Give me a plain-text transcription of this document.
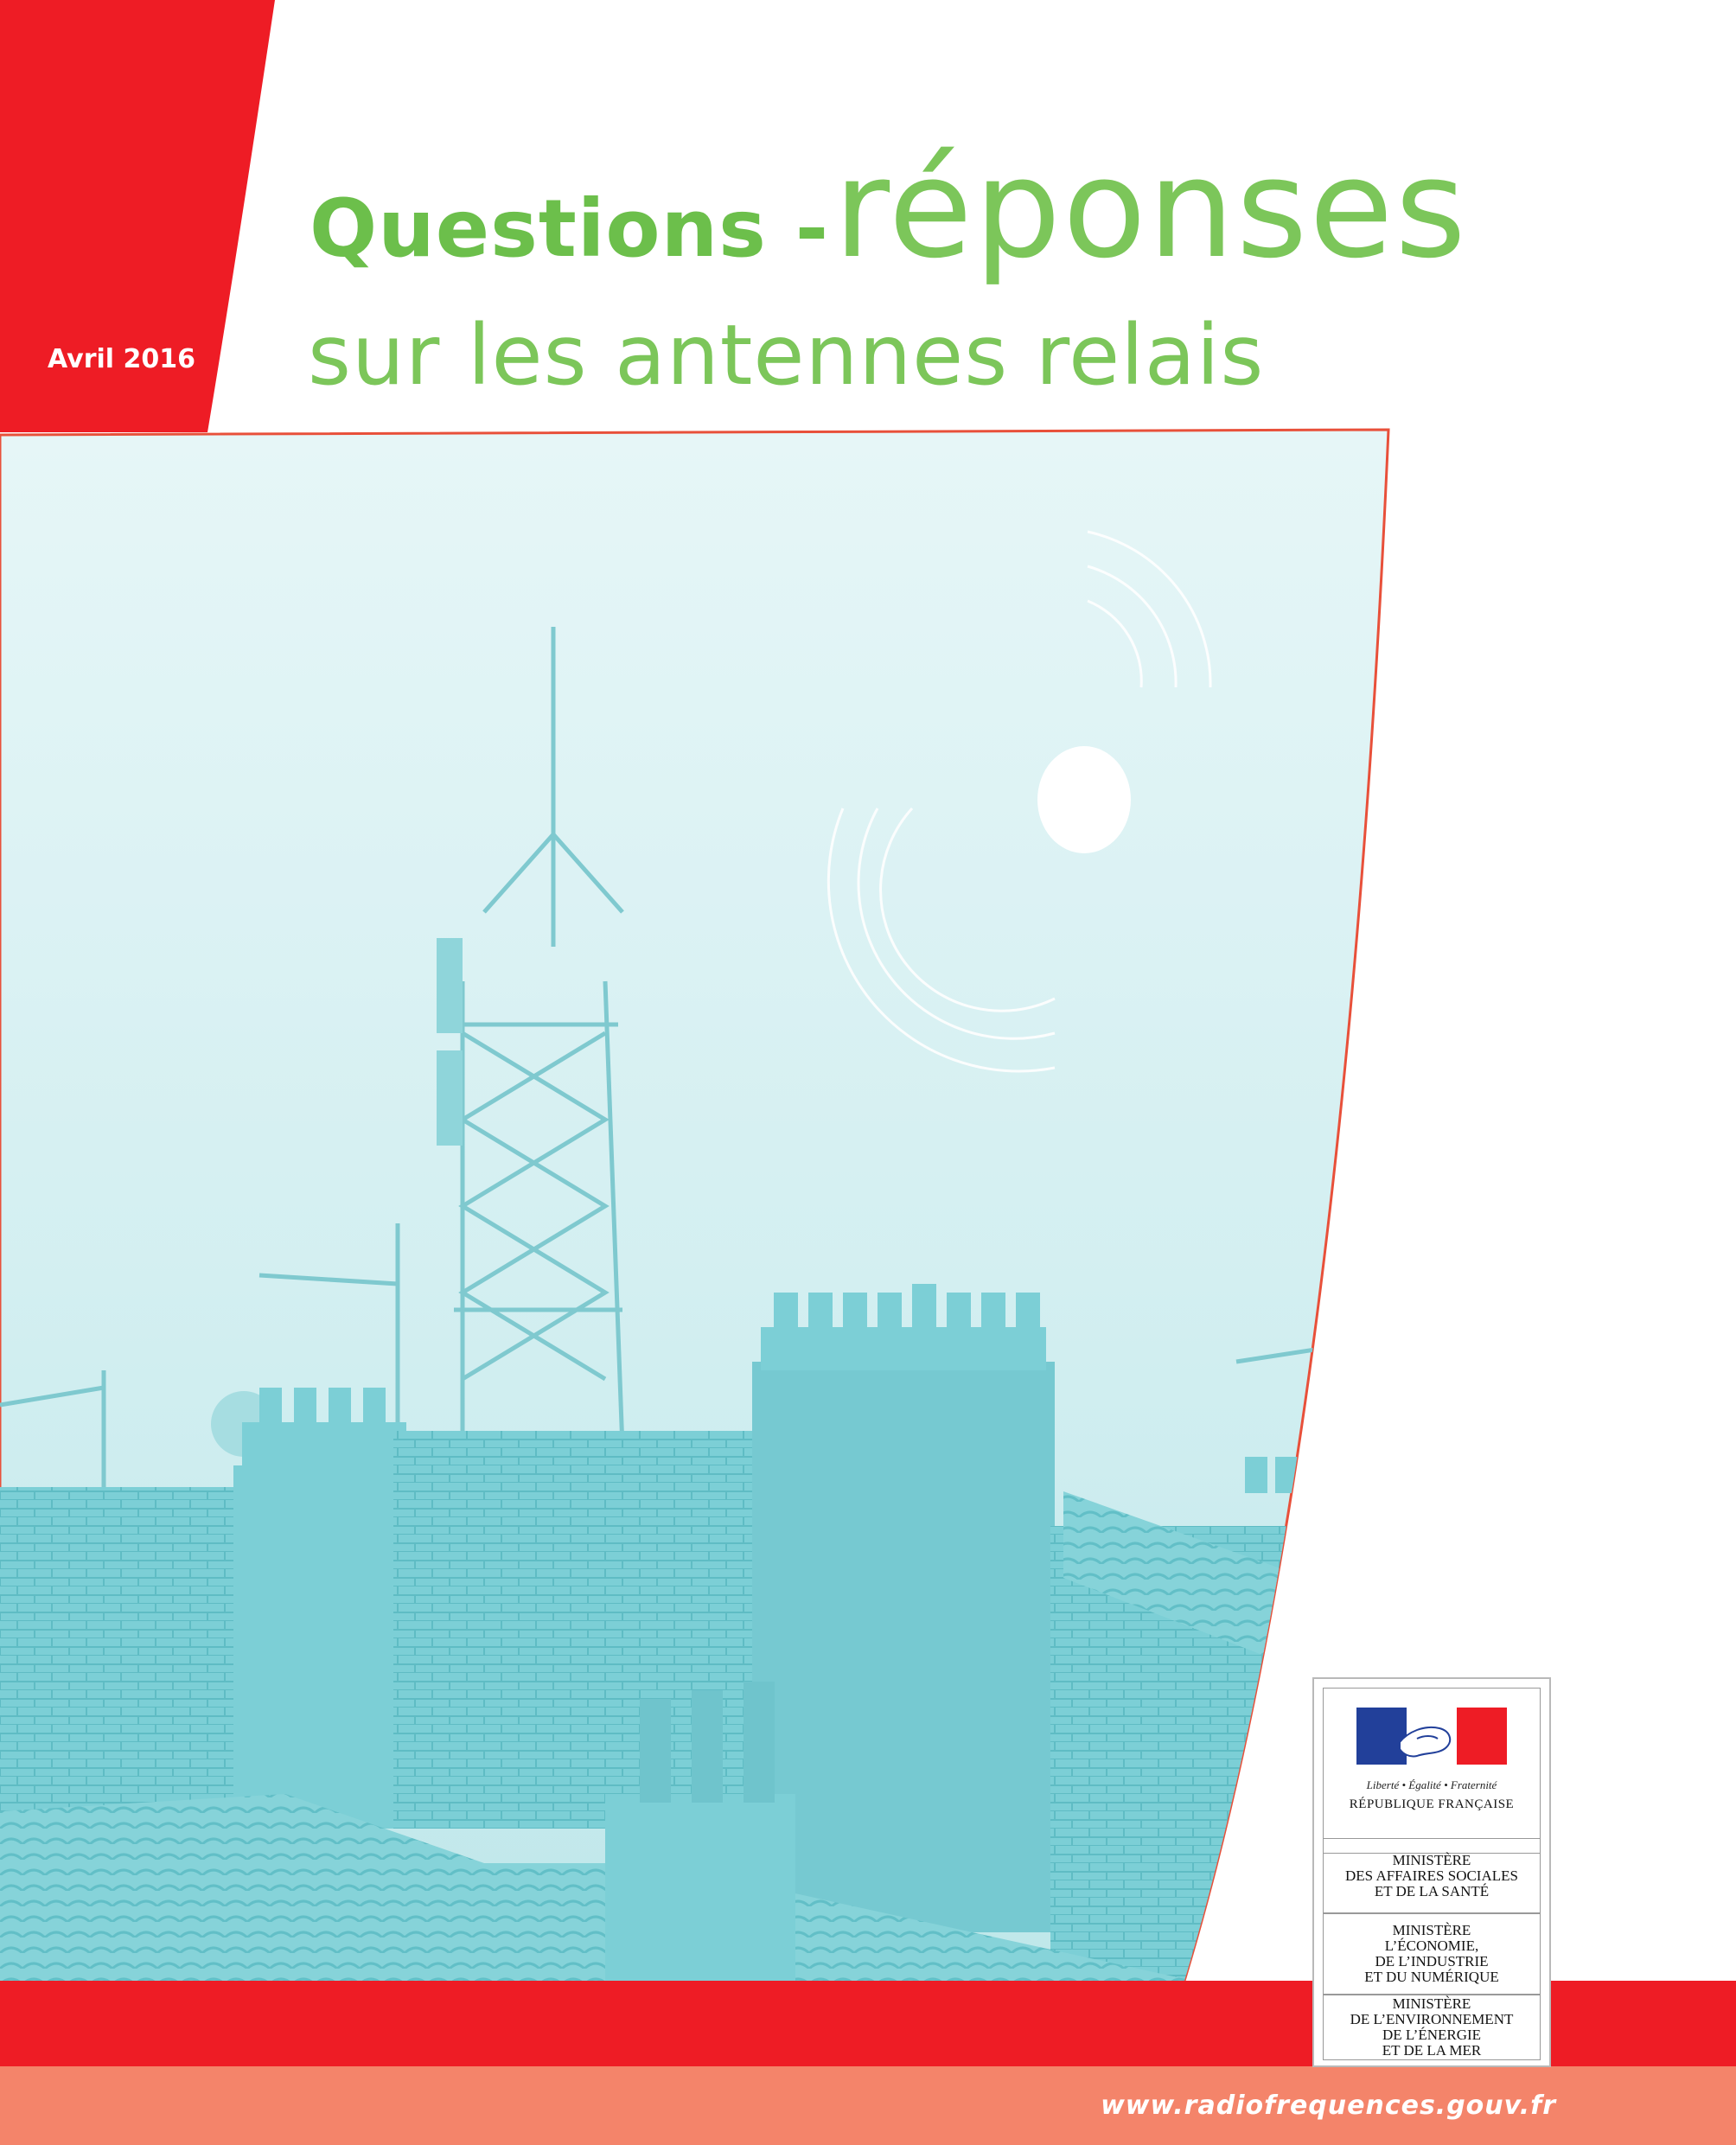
Avril 2016
Questions - réponses
sur les antennes relais
www.radiofrequences.gouv.fr
Liberté • Égalité • Fraternité
RÉPUBLIQUE FRANÇAISE
MINISTÈRE
DES AFFAIRES SOCIALES
ET DE LA SANTÉ
MINISTÈRE
L’ÉCONOMIE,
DE L’INDUSTRIE
ET DU NUMÉRIQUE
MINISTÈRE
DE L’ENVIRONNEMENT
DE L’ÉNERGIE
ET DE LA MER
